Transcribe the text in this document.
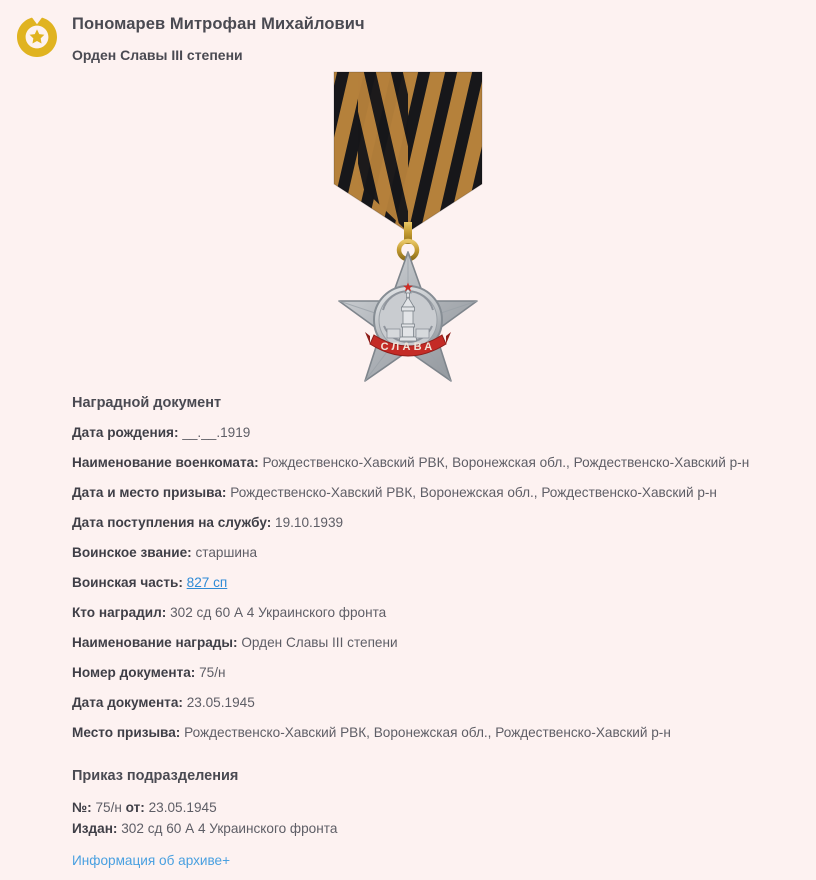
Пономарев Митрофан Михайлович
Орден Славы III степени
СЛАВА
Наградной документ
Дата рождения: __.__.1919
Наименование военкомата: Рождественско-Хавский РВК, Воронежская обл., Рождественско-Хавский р-н
Дата и место призыва: Рождественско-Хавский РВК, Воронежская обл., Рождественско-Хавский р-н
Дата поступления на службу: 19.10.1939
Воинское звание: старшина
Воинская часть: 827 сп
Кто наградил: 302 сд 60 А 4 Украинского фронта
Наименование награды: Орден Славы III степени
Номер документа: 75/н
Дата документа: 23.05.1945
Место призыва: Рождественско-Хавский РВК, Воронежская обл., Рождественско-Хавский р-н
Приказ подразделения
№: 75/н от: 23.05.1945
Издан: 302 сд 60 А 4 Украинского фронта
Информация об архиве+
